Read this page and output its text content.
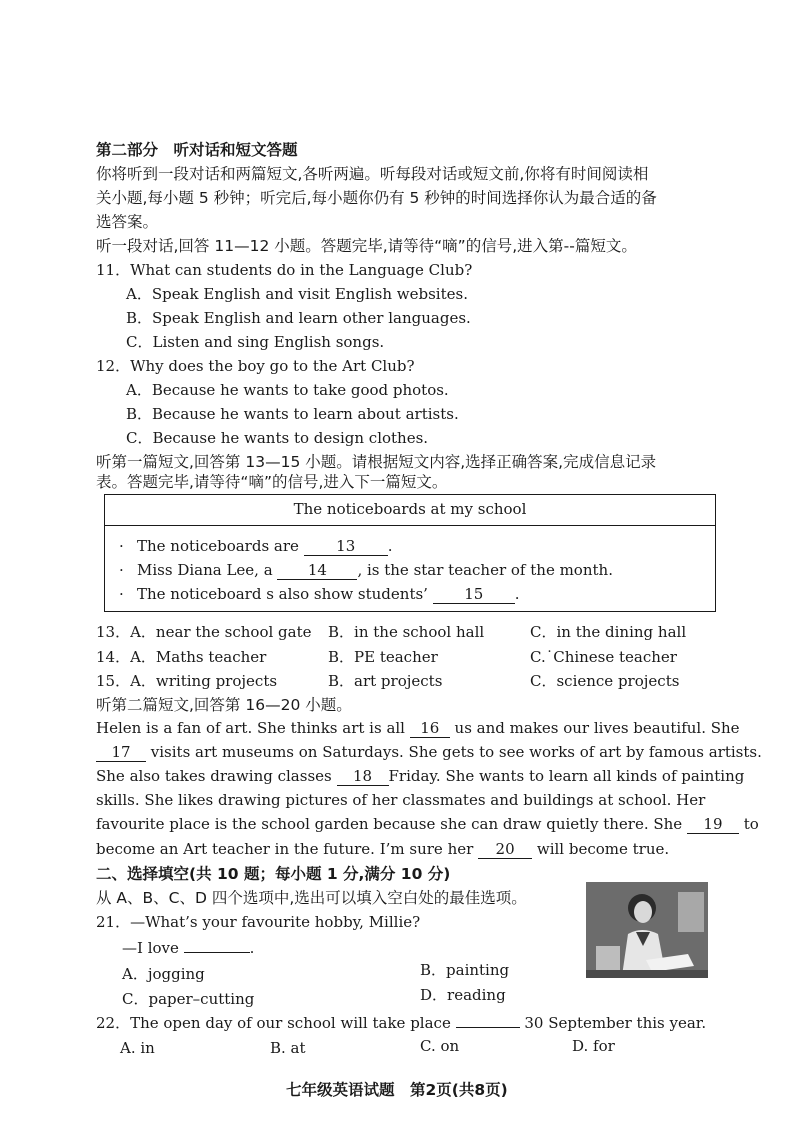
第二部分　听对话和短文答题
你将听到一段对话和两篇短文,各听两遍。听每段对话或短文前,你将有时间阅读相
关小题,每小题 5 秒钟；听完后,每小题你仍有 5 秒钟的时间选择你认为最合适的备
选答案。
听一段对话,回答 11—12 小题。答题完毕,请等待“嘀”的信号,进入第--篇短文。
11．What can students do in the Language Club?
A．Speak English and visit English websites.
B．Speak English and learn other languages.
C．Listen and sing English songs.
12．Why does the boy go to the Art Club?
A．Because he wants to take good photos.
B．Because he wants to learn about artists.
C．Because he wants to design clothes.
听第一篇短文,回答第 13—15 小题。请根据短文内容,选择正确答案,完成信息记录
表。答题完毕,请等待“嘀”的信号,进入下一篇短文。
The noticeboards at my school
· The noticeboards are 13 .
· Miss Diana Lee, a 14 , is the star teacher of the month.
· The noticeboard s also show students’ 15 .
13．A．near the school gate B．in the school hall	C．in the dining hall
14．A．Maths teacher	B．PE teacher	C.˙Chinese teacher
15．A．writing projects	B．art projects	C．science projects
听第二篇短文,回答第 16—20 小题。
Helen is a fan of art. She thinks art is all 16 us and makes our lives beautiful. She
17 visits art museums on Saturdays. She gets to see works of art by famous artists.
She also takes drawing classes 18 Friday. She wants to learn all kinds of painting
skills. She likes drawing pictures of her classmates and buildings at school. Her
favourite place is the school garden because she can draw quietly there. She 19 to
become an Art teacher in the future. I’m sure her 20 will become true.
二、选择填空(共 10 题；每小题 1 分,满分 10 分)
从 A、B、C、D 四个选项中,选出可以填入空白处的最佳选项。
21．—What’s your favourite hobby, Millie?
—I love	.
A．jogging	B．painting
C．paper–cutting	D．reading
22．The open day of our school will take place	30 September this year.
A. in	B. at	C. on	D. for
七年级英语试题　第2页(共8页)
